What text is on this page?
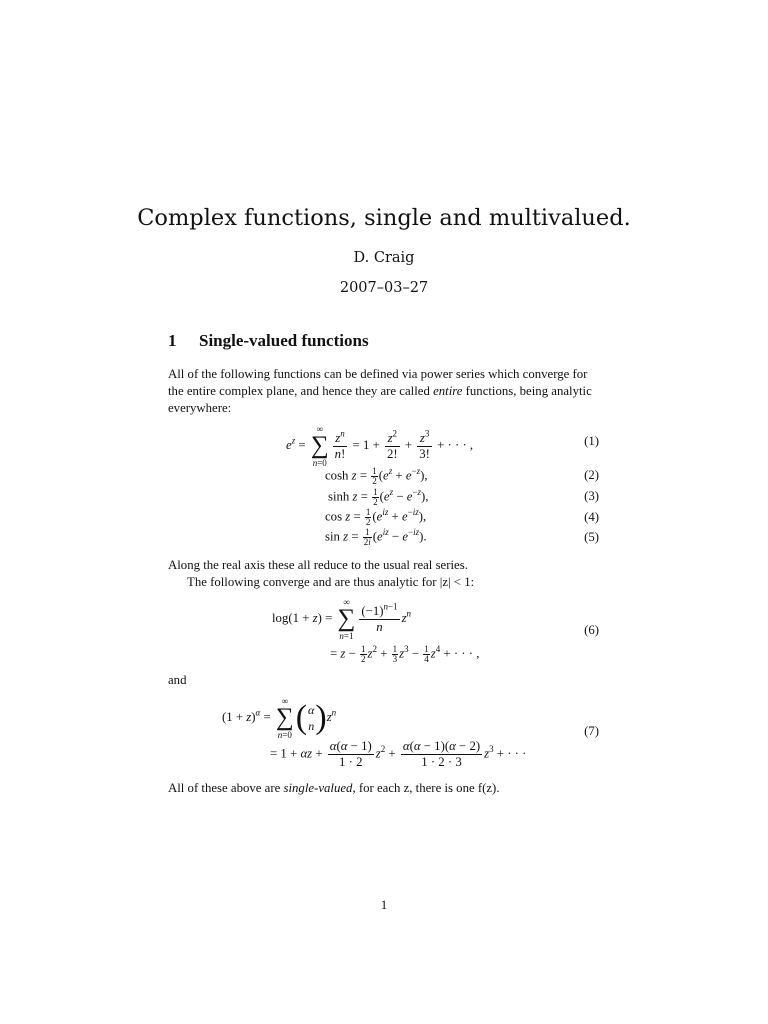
Complex functions, single and multivalued.
D. Craig
2007–03–27
1 Single-valued functions
All of the following functions can be defined via power series which converge for the entire complex plane, and hence they are called entire functions, being analytic everywhere:
$e^z$ =
∞
∑
n=0
$\frac{z^n}{n!} = 1 + \frac{z^2}{2!} + \frac{z^3}{3!}$ + · · · ,	(1)
$\cosh z = \frac{1}{2} (e^z + e^{-z})$,	(2)
$\sinh z = \frac{1}{2} (e^z - e^{-z})$,	(3)
$\cos z = \frac{1}{2} (e^{iz} + e^{-iz})$,	(4)
$\sin z = \frac{1}{2i} (e^{iz} - e^{-iz})$.	(5)
Along the real axis these all reduce to the usual real series.
The following converge and are thus analytic for |z| < 1:
log(1 + z) =
∞
∑
n=1
$\frac{(-1)^{n-1}}{n} z^n$
= $z - \frac{1}{2} z^2 + \frac{1}{3} z^3 - \frac{1}{4} z^4$ + · · · ,
(6)
and
$(1 + z)^\alpha$ =
∞
∑
n=0 (α
$n)z^n$
= $1 + \alpha z + \frac{\alpha(\alpha - 1)}{1 \cdot 2} z^2 + \frac{\alpha(\alpha - 1)(\alpha - 2)}{1 \cdot 2 \cdot 3} z^3$ + · · ·
(7)
All of these above are single-valued, for each z, there is one f(z).
1
